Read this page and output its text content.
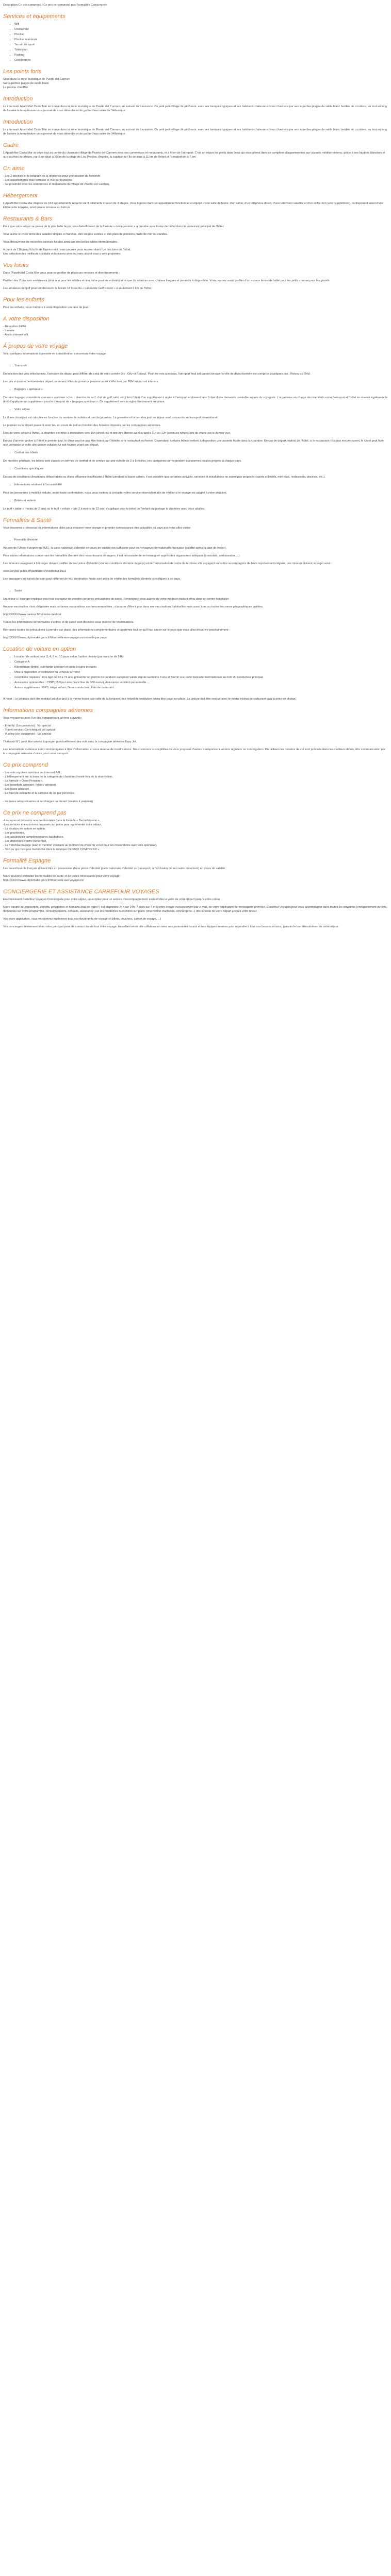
Description Ce prix comprend / Ce prix ne comprend pas Formalités Conciergerie
Services et équipements
• Wifi
• Restaurant
• Piscine
• Piscine extérieure
• Terrain de sport
• Télévision
• Parking
• Conciergerie
Les points forts

Situé dans la zone touristique de Puerto del Carmen
Sur superbes plages de sable blanc
La piscine chauffée

Introduction

Le charmant Aparthôtel Costa Mar se trouve dans la zone touristique de Puerto del Carmen, au sud-est de Lanzarote. Ce petit petit village de pêcheurs, avec ses banques typiques et ses habitants chaleureux vous charmera par ses superbes plages de sable blanc bordée de cocotiers, au tout au long de l'année la température vous permet de vous détendre et de goûter l'eau salée de l'Atlantique.

Introduction

Le charmant Aparthôtel Costa Mar se trouve dans la zone touristique de Puerto del Carmen, au sud-est de Lanzarote. Ce petit petit village de pêcheurs, avec ses banques typiques et ses habitants chaleureux vous charmera par ses superbes plages de sable blanc bordée de cocotiers, au tout au long de l'année la température vous permet de vous détendre et de goûter l'eau salée de l'Atlantique.

Cadre

L'Aparthôtel Costa Mar se situe tout au centre du charmant village de Puerto del Carmen avec ses commerces et restaurants, et à 6 km de l'aéroport. C'est un séjour les pieds dans l'eau qui vous attend dans ce complexe d'appartements aux accents méditerranéens, grâce à ses façades blanches et aux touches de bleues, car il est situé à 200m de la plage de Los Pocillos. Arrecife, la capitale de l'île se situe à 11 km de l'hôtel et l'aéroport est à 7 km.

On aime

- Les 2 piscines et le solarium de la résidence pour une session de farniente
- Les appartements avec terrasse et vue sur la piscine
- Sa proximité avec les commerces et restaurants du village de Puerto Del Carmen.

Hébergement

L'Aparthôtel Costa Mar dispose de 163 appartements répartis sur 9 bâtiments chacun de 3 étages. Vous logerez dans un appartement fonctionnel et équipé d'une salle de bains, d'un salon, d'un téléphone direct, d'une télévision satellite et d'un coffre-fort (avec supplément). Ils disposent aussi d'une kitchenette équipée, ainsi qu'une terrasse ou balcon.

Restaurants & Bars

Pour que votre séjour se passe de la plus belle façon, vous bénéficierez de la formule « demi-pension » à prendre sous forme de buffet dans le restaurant principal de l'hôtel.

Vous aurez le choix entre des salades simples et fraîches, des soupes variées et des plats de poissons, fruits de mer ou viandes.

Vous découvrirez de nouvelles saveurs locales ainsi que des belles tables internationales.

A partir de 11h jusqu'à la fin de l'après-midi, vous pourrez vous reposer dans l'un des bars de l'hôtel.
Une sélection des meilleurs cocktails et boissons avec ou sans alcool vous y sera proposée.

Vos loisirs

Dans l'Aparthôtel Costa Mar vous pourrez profiter de plusieurs services et divertissements :

Profitez des 2 piscines extérieures (dont une pour les adultes et une autre pour les enfants) ainsi que du solarium avec chaises longues et parasols à disposition. Vous pourrez aussi profiter d'un espace tennis de table pour les petits comme pour les grands.

Les amateurs de golf pourront découvrir le terrain 18 trous du « Lanzarote Golf Resort » à seulement 6 km de l'hôtel.

Pour les enfants

Pour les enfants, nous mettons à votre disposition une aire de jeux.

A votre disposition

- Réception 24/24
- Laverie
- Accès internet wifi

À propos de votre voyage

Voici quelques informations à prendre en considération concernant votre voyage :

• Transport

En fonction des vols sélectionnés, l'aéroport de départ peut différer de celui de votre arrivée (ex : Orly et Roissy). Pour les vols spéciaux, l'aéroport final est garanti lorsque la ville de départ/arrivée est comprise (quelques cas : Roissy ou Orly).

Les prix et post-acheminements départ contenant villes de province peuvent aussi s'effectuer par TGV ou par vol intérieur.

• Bagages « spéciaux »

Certains bagages considérés comme « spéciaux » (ex. : planche de surf, club de golf, vélo, etc.) font l'objet d'un supplément à régler à l'aéroport et doivent faire l'objet d'une demande préalable auprès du voyagiste. L'organisme en charge des transferts entre l'aéroport et l'hôtel se réserve également le droit d'appliquer un supplément pour le transport de « bagages spéciaux ». Ce supplément sera à régler directement sur place.

• Votre séjour

La durée du séjour est calculée en fonction du nombre de nuitées et non de journées. La première et la dernière jour du séjour sont consacrés au transport international.

Le premier ou le départ peuvent avoir lieu en cours de nuit en fonction des horaires imposés par les compagnies aériennes.

Lors de votre séjour à l'hôtel, la chambre est mise à disposition vers 15h (check-in) et doit être libérée au plus tard à 11h ou 12h (selon les hôtels) lors du check-out le dernier jour.

En cas d'arrivée tardive à l'hôtel le premier jour, le dîner peut ne pas être fourni par l'hôtelier si le restaurant est fermé. Cependant, certains hôtels mettent à disposition une assiette froide dans la chambre. En cas de départ matinal de l'hôtel, si le restaurant n'est pas encore ouvert, le client peut faire une demande la veille afin qu'une collation lui soit fournie avant son départ.

• Confort des hôtels

De manière générale, les hôtels sont classés en termes de confort et de service sur une échelle de 2 à 5 étoiles, ces catégories correspondent aux normes locales propres à chaque pays.

• Conditions spécifiques

En cas de conditions climatiques défavorables ou d'une affluence insuffisante à l'hôtel pendant la basse saison, il est possible que certaines activités, services et installations ne soient pas proposés (sports collectifs, mini-club, restaurants, piscines, etc.).

• Informations relatives à l'accessibilité

Pour les personnes à mobilité réduite, avant toute confirmation, nous vous invitons à contacter votre service réservation afin de vérifier si le voyage est adapté à votre situation.

• Bébés et enfants

Le tarif « bébé » (moins de 2 ans) ou le tarif « enfant » (de 2 à moins de 12 ans) s'applique pour le bébé ou l'enfant qui partage la chambre avec deux adultes.

Formalités & Santé

Vous trouverez ci-dessous les informations utiles pour préparer votre voyage et prendre connaissance des actualités du pays que vous allez visiter.

• Formalité d'entrée

Au sein de l'Union européenne (UE), la carte nationale d'identité en cours de validité est suffisante pour les voyageurs de nationalité française (validité après la date de retour).

Pour toutes informations concernant les formalités d'entrée des ressortissants étrangers, il est nécessaire de se renseigner auprès des organismes adéquats (consulats, ambassades,...).

Les mineurs voyageant à l'étranger doivent justifier de leur pièce d'identité (voir les conditions d'entrée du pays) et de l'autorisation de sortie du territoire s'ils voyagent sans être accompagnés de leurs représentants légaux. Les mineurs doivent voyager avec :

www.service-public.fr/particuliers/vosdroits/F1922

Les passagers en transit dans un pays différent de leur destination finale sont priés de vérifier les formalités d'entrée spécifiques à ce pays.

• Santé

Un séjour à l'étranger implique pour tout voyageur de prendre certaines précautions de santé. Renseignez-vous auprès de votre médecin traitant et/ou dans un centre hospitalier.

Aucune vaccination n'est obligatoire mais certaines vaccinations sont recommandées ; s'assurer d'être à jour dans ses vaccinations habituelles mais aussi hors ou toutes les zones géographiques visitées.

http://XXXXXwww.pasteur.fr/fr/centre-medical

Toutes les informations de formalités d'entrée et de santé sont données sous réserve de modifications.

Retrouvez toutes les précautions à prendre sur place, des informations complémentaires et apprenez tout ce qu'il faut savoir sur le pays que vous allez découvrir prochainement :

http://XXXXXwww.diplomatie.gouv.fr/fr/conseils-aux-voyageurs/conseils-par-pays/

Location de voiture en option
• Location de voiture pour 3, 4, 6 ou 10 jours selon l'option choisie (par tranche de 24h)
• Catégorie A
• Kilométrage illimité, surcharge aéroport et taxes locales incluses
• Mise à disposition et restitution du véhicule à l'hôtel
• Conditions requises : être âgé de 23 à 72 ans, présenter un permis de conduire européen valide depuis au moins 3 ans et fournir une carte bancaire internationale au nom du conducteur principal
• Assurance optionnelles : CDW (15€/jour avec franchise de 300 euros), Assurance accident personnelle ...
• Autres suppléments : GPS, siège enfant, 2ème conducteur, frais de carburant...

A noter : Le véhicule doit être restitué au plus tard à la même heure que celle de la livraison, tout retard de restitution devra être payé sur place. Le voiture doit être rendue avec le même niveau de carburant qu'à la prise en charge.

Informations compagnies aériennes

Vous voyagerez avec l'un des transporteurs aériens suivants :

- Enterfly' (Les poissons) : Vol spécial
- Travel service (Cie tchèque) Vol spécial
- Vueling (cie espagnole) : Vol spécial

Thalasso N°1 peut être amené à grouper ponctuellement des vols avec la compagnie aérienne Easy Jet.

Les informations ci-dessus sont communiquées à titre d'information et sous réserve de modifications. Nous sommes susceptibles de vous proposer d'autres transporteurs aériens réguliers ou non réguliers. Par ailleurs les horaires de vol sont précisés dans les meilleurs délais, dès communication par la compagnie aérienne choisie pour votre transport.

Ce prix comprend

- Les vols réguliers spéciaux ou low-cost A/R,
- L'hébergement sur la base de la catégorie de chambre choisie lors de la réservation,
- La formule « Demi-Pension »,
- Les transferts aéroport / hôtel / aéroport
- Les taxes aéroport ,
- Le fond de solidarité et la carbone de 3€ par personne.

- les taxes aéroportuaires et surcharges carburant (soumis à variation)

Ce prix ne comprend pas

-Les repas et boissons non mentionnées dans la formule « Demi-Pension »,
-Les services et excursions proposés sur place pour agrémenter votre séjour,
- La location de voiture en option,
- Les pourboires,
- Les assurances complémentaires facultatives,
- Les dépenses d'ordre personnel,
- La franchise bagage (sauf si mention contraire au moment du choix du vol et pour les réservations avec vols spéciaux),
- Tout ce qui n'est pas mentionné dans la rubrique CE PRIX COMPREND ».

Formalité Espagne

Les ressortissants français doivent être en possession d'une pièce d'identité (carte nationale d'identité ou passeport, à l'exclusion de tout autre document) en cours de validité.

Nous pouvons consulter les formalités de santé et de police nécessaires pour votre voyage :
http://XXXXXwww.diplomatie.gouv.fr/fr/conseils-aux-voyageurs/

CONCIERGERIE ET ASSISTANCE CARREFOUR VOYAGES

En choisissant Carrefour Voyages Conciergerie pour votre séjour, vous optez pour un service d'accompagnement exclusif dès la veille de votre départ jusqu'à votre retour.

Notre équipe de concierges, experts, polyglottes et humains (pas de robot !) est disponible 24h sur 24h, 7 jours sur 7 et à votre écoute exclusivement par e-mail, de votre application de messagerie préférée. Carrefour Voyages peut vous accompagner dans toutes les situations (enregistrement de vols, demandes sur votre programme, renseignements, conseils, assistance) sur les problèmes rencontrés sur place (réservation d'activités, conciergerie...) dès la veille de votre départ jusqu'à votre retour.

Vos votre application, vous retrouverez également tous vos documents de voyage et billets, vouchers, carnet de voyage, ...)

Vos concierges deviennent alors votre principal point de contact durant tout votre voyage, travaillant en étroite collaboration avec nos partenaires locaux et nos équipes internes pour répondre à tous vos besoins et ainsi, garantir le bon déroulement de votre séjour.
